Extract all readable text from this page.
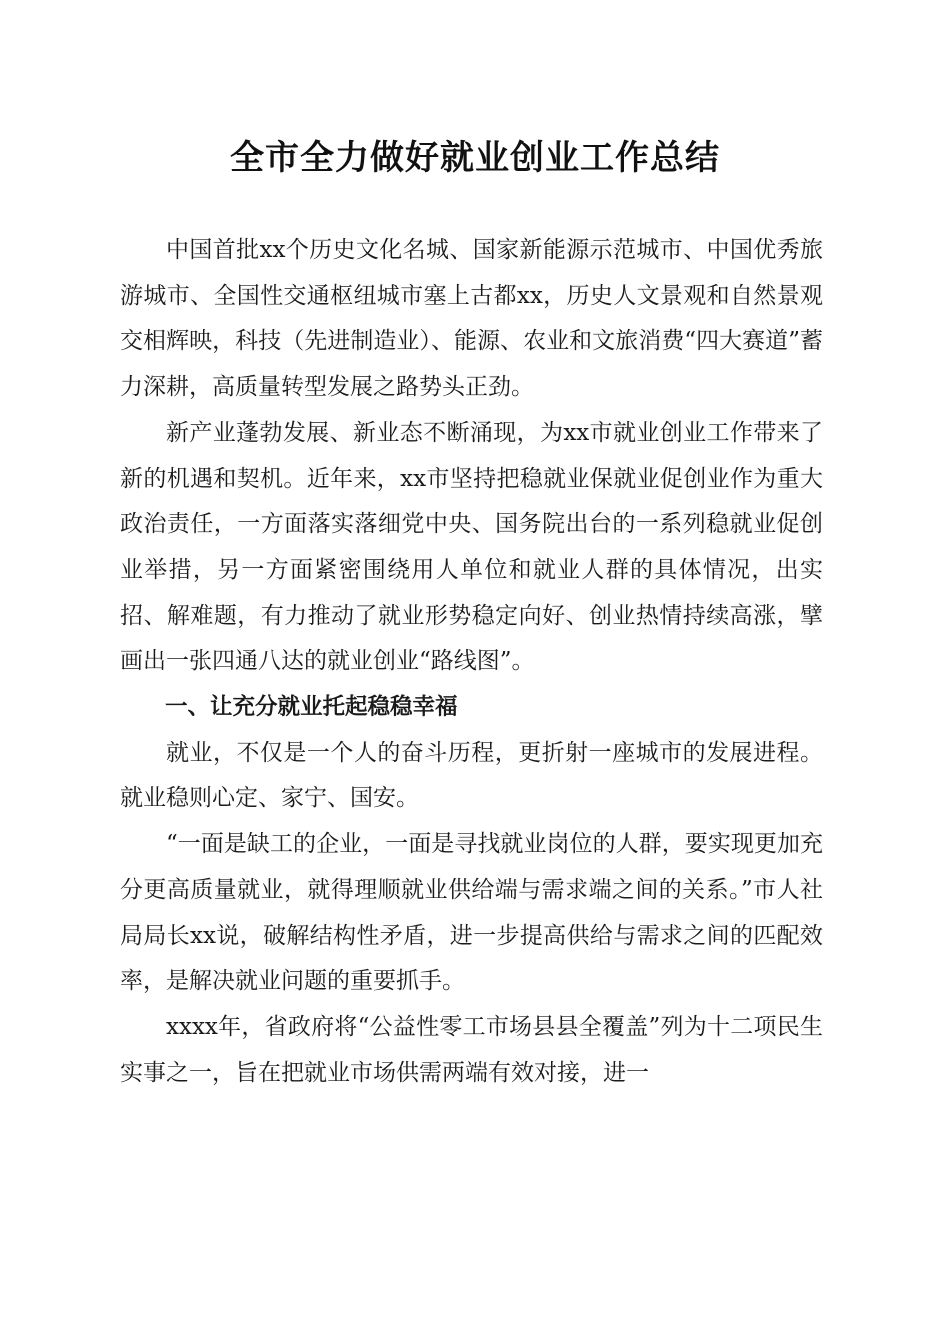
全市全力做好就业创业工作总结

中国首批xx个历史文化名城、国家新能源示范城市、中国优秀旅游城市、全国性交通枢纽城市塞上古都xx，历史人文景观和自然景观交相辉映，科技（先进制造业）、能源、农业和文旅消费“四大赛道”蓄力深耕，高质量转型发展之路势头正劲。

新产业蓬勃发展、新业态不断涌现，为xx市就业创业工作带来了新的机遇和契机。近年来，xx市坚持把稳就业保就业促创业作为重大政治责任，一方面落实落细党中央、国务院出台的一系列稳就业促创业举措，另一方面紧密围绕用人单位和就业人群的具体情况，出实招、解难题，有力推动了就业形势稳定向好、创业热情持续高涨，擘画出一张四通八达的就业创业“路线图”。

一、让充分就业托起稳稳幸福

就业，不仅是一个人的奋斗历程，更折射一座城市的发展进程。就业稳则心定、家宁、国安。

“一面是缺工的企业，一面是寻找就业岗位的人群，要实现更加充分更高质量就业，就得理顺就业供给端与需求端之间的关系。”市人社局局长xx说，破解结构性矛盾，进一步提高供给与需求之间的匹配效率，是解决就业问题的重要抓手。

xxxx年，省政府将“公益性零工市场县县全覆盖”列为十二项民生实事之一，旨在把就业市场供需两端有效对接，进一
